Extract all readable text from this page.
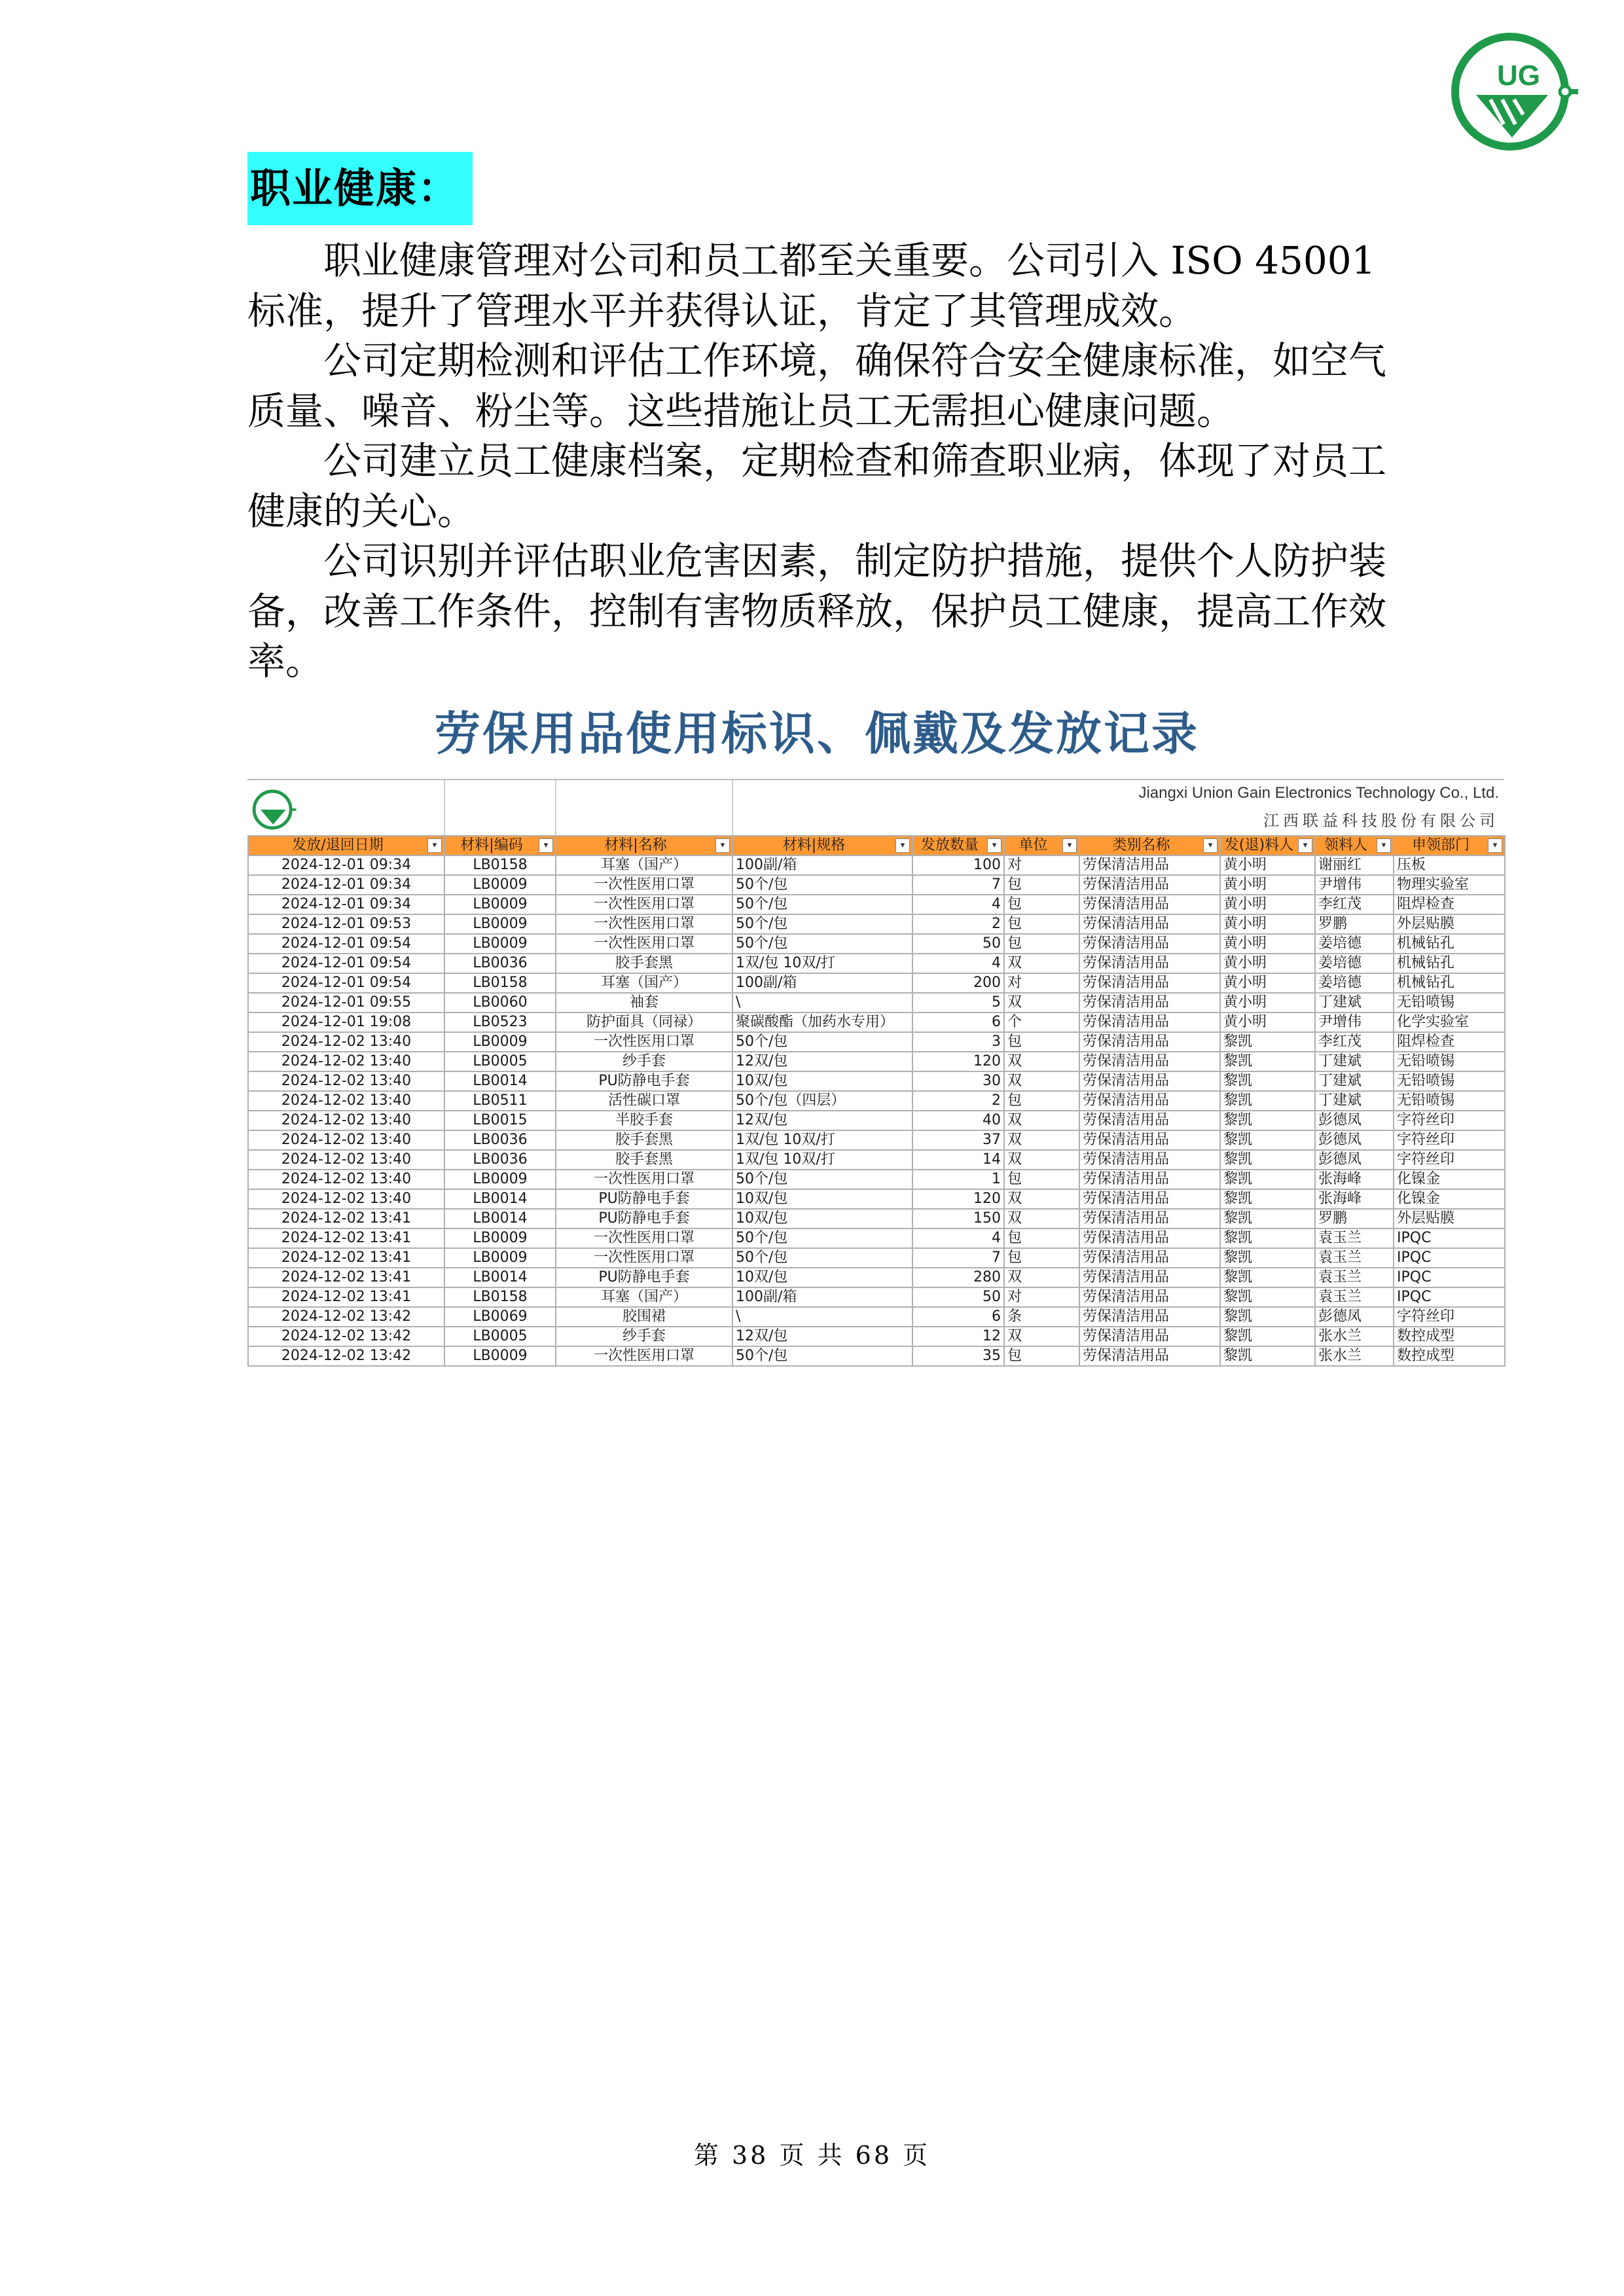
UG
职业健康：

职业健康管理对公司和员工都至关重要。公司引入 ISO 45001 标准，提升了管理水平并获得认证，肯定了其管理成效。

公司定期检测和评估工作环境，确保符合安全健康标准，如空气质量、噪音、粉尘等。这些措施让员工无需担心健康问题。

公司建立员工健康档案，定期检查和筛查职业病，体现了对员工健康的关心。

公司识别并评估职业危害因素，制定防护措施，提供个人防护装备，改善工作条件，控制有害物质释放，保护员工健康，提高工作效率。

劳保用品使用标识、佩戴及发放记录
Jiangxi Union Gain Electronics Technology Co., Ltd.
江西联益科技股份有限公司
发放/退回日期 ▾	材料|编码 ▾	材料|名称 ▾	材料|规格 ▾	发放数量 ▾	单位 ▾	类别名称 ▾	发(退)料人 ▾	领料人 ▾	申领部门 ▾

2024-12-01 09:34	LB0158	耳塞（国产）	100副/箱	100	对	劳保清洁用品	黄小明	谢丽红	压板
2024-12-01 09:34	LB0009	一次性医用口罩	50个/包	7	包	劳保清洁用品	黄小明	尹增伟	物理实验室
2024-12-01 09:34	LB0009	一次性医用口罩	50个/包	4	包	劳保清洁用品	黄小明	李红茂	阻焊检查
2024-12-01 09:53	LB0009	一次性医用口罩	50个/包	2	包	劳保清洁用品	黄小明	罗鹏	外层贴膜
2024-12-01 09:54	LB0009	一次性医用口罩	50个/包	50	包	劳保清洁用品	黄小明	姜培德	机械钻孔
2024-12-01 09:54	LB0036	胶手套黑	1双/包 10双/打	4	双	劳保清洁用品	黄小明	姜培德	机械钻孔
2024-12-01 09:54	LB0158	耳塞（国产）	100副/箱	200	对	劳保清洁用品	黄小明	姜培德	机械钻孔
2024-12-01 09:55	LB0060	袖套	\	5	双	劳保清洁用品	黄小明	丁建斌	无铅喷锡
2024-12-01 19:08	LB0523	防护面具（同禄）	聚碳酸酯（加药水专用）	6	个	劳保清洁用品	黄小明	尹增伟	化学实验室
2024-12-02 13:40	LB0009	一次性医用口罩	50个/包	3	包	劳保清洁用品	黎凯	李红茂	阻焊检查
2024-12-02 13:40	LB0005	纱手套	12双/包	120	双	劳保清洁用品	黎凯	丁建斌	无铅喷锡
2024-12-02 13:40	LB0014	PU防静电手套	10双/包	30	双	劳保清洁用品	黎凯	丁建斌	无铅喷锡
2024-12-02 13:40	LB0511	活性碳口罩	50个/包（四层）	2	包	劳保清洁用品	黎凯	丁建斌	无铅喷锡
2024-12-02 13:40	LB0015	半胶手套	12双/包	40	双	劳保清洁用品	黎凯	彭德凤	字符丝印
2024-12-02 13:40	LB0036	胶手套黑	1双/包 10双/打	37	双	劳保清洁用品	黎凯	彭德凤	字符丝印
2024-12-02 13:40	LB0036	胶手套黑	1双/包 10双/打	14	双	劳保清洁用品	黎凯	彭德凤	字符丝印
2024-12-02 13:40	LB0009	一次性医用口罩	50个/包	1	包	劳保清洁用品	黎凯	张海峰	化镍金
2024-12-02 13:40	LB0014	PU防静电手套	10双/包	120	双	劳保清洁用品	黎凯	张海峰	化镍金
2024-12-02 13:41	LB0014	PU防静电手套	10双/包	150	双	劳保清洁用品	黎凯	罗鹏	外层贴膜
2024-12-02 13:41	LB0009	一次性医用口罩	50个/包	4	包	劳保清洁用品	黎凯	袁玉兰	IPQC
2024-12-02 13:41	LB0009	一次性医用口罩	50个/包	7	包	劳保清洁用品	黎凯	袁玉兰	IPQC
2024-12-02 13:41	LB0014	PU防静电手套	10双/包	280	双	劳保清洁用品	黎凯	袁玉兰	IPQC
2024-12-02 13:41	LB0158	耳塞（国产）	100副/箱	50	对	劳保清洁用品	黎凯	袁玉兰	IPQC
2024-12-02 13:42	LB0069	胶围裙	\	6	条	劳保清洁用品	黎凯	彭德凤	字符丝印
2024-12-02 13:42	LB0005	纱手套	12双/包	12	双	劳保清洁用品	黎凯	张水兰	数控成型
2024-12-02 13:42	LB0009	一次性医用口罩	50个/包	35	包	劳保清洁用品	黎凯	张水兰	数控成型
第 38 页 共 68 页
